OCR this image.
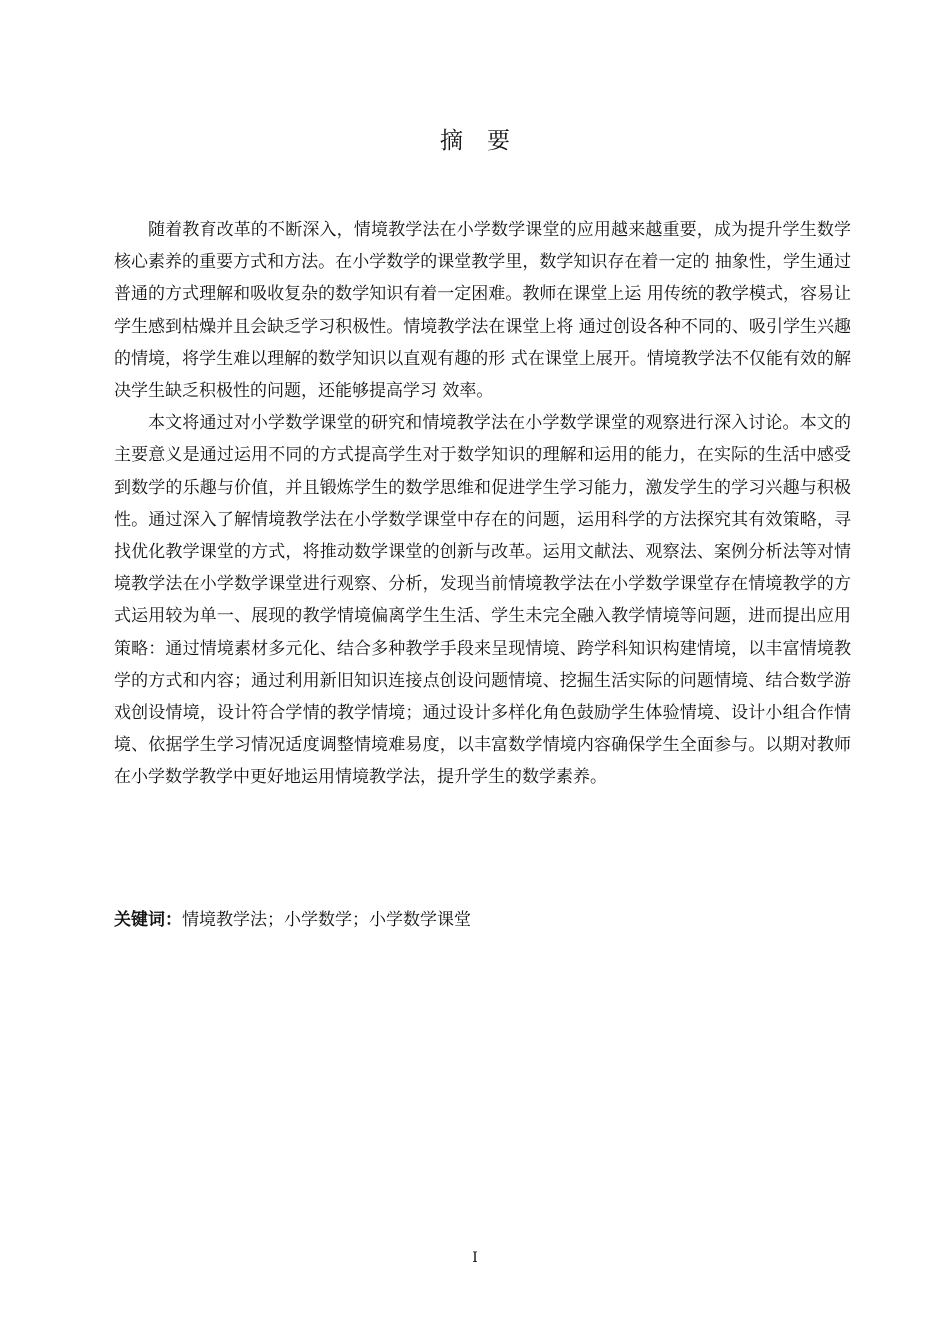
摘要

随着教育改革的不断深入，情境教学法在小学数学课堂的应用越来越重要，成为提升学生数学核心素养的重要方式和方法。在小学数学的课堂教学里，数学知识存在着一定的 抽象性，学生通过普通的方式理解和吸收复杂的数学知识有着一定困难。教师在课堂上运 用传统的教学模式，容易让学生感到枯燥并且会缺乏学习积极性。情境教学法在课堂上将 通过创设各种不同的、吸引学生兴趣的情境，将学生难以理解的数学知识以直观有趣的形 式在课堂上展开。情境教学法不仅能有效的解决学生缺乏积极性的问题，还能够提高学习 效率。

本文将通过对小学数学课堂的研究和情境教学法在小学数学课堂的观察进行深入讨论。本文的主要意义是通过运用不同的方式提高学生对于数学知识的理解和运用的能力，在实际的生活中感受到数学的乐趣与价值，并且锻炼学生的数学思维和促进学生学习能力，激发学生的学习兴趣与积极性。通过深入了解情境教学法在小学数学课堂中存在的问题，运用科学的方法探究其有效策略，寻找优化教学课堂的方式，将推动数学课堂的创新与改革。运用文献法、观察法、案例分析法等对情境教学法在小学数学课堂进行观察、分析，发现当前情境教学法在小学数学课堂存在情境教学的方式运用较为单一、展现的教学情境偏离学生生活、学生未完全融入教学情境等问题，进而提出应用策略：通过情境素材多元化、结合多种教学手段来呈现情境、跨学科知识构建情境，以丰富情境教学的方式和内容；通过利用新旧知识连接点创设问题情境、挖掘生活实际的问题情境、结合数学游戏创设情境，设计符合学情的教学情境；通过设计多样化角色鼓励学生体验情境、设计小组合作情境、依据学生学习情况适度调整情境难易度，以丰富数学情境内容确保学生全面参与。以期对教师在小学数学教学中更好地运用情境教学法，提升学生的数学素养。

关键词：情境教学法；小学数学；小学数学课堂
I
